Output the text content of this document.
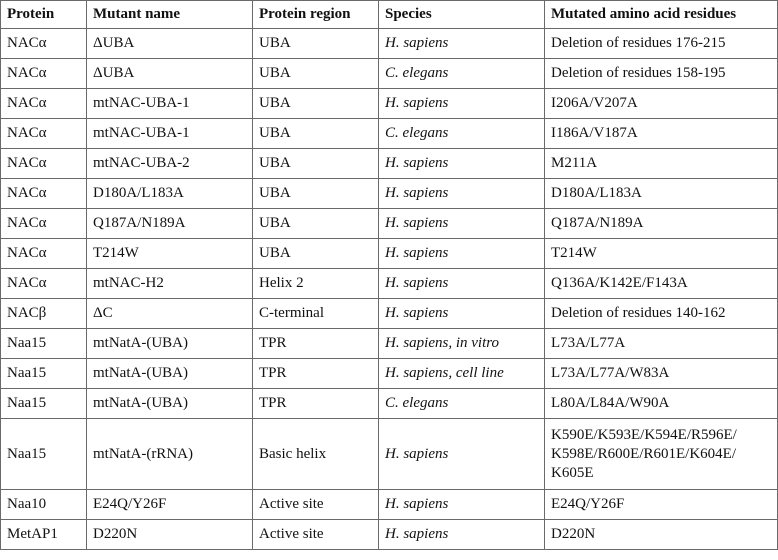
Protein	Mutant name	Protein region	Species	Mutated amino acid residues
NACα	ΔUBA	UBA	H. sapiens	Deletion of residues 176-215
NACα	ΔUBA	UBA	C. elegans	Deletion of residues 158-195
NACα	mtNAC-UBA-1	UBA	H. sapiens	I206A/V207A
NACα	mtNAC-UBA-1	UBA	C. elegans	I186A/V187A
NACα	mtNAC-UBA-2	UBA	H. sapiens	M211A
NACα	D180A/L183A	UBA	H. sapiens	D180A/L183A
NACα	Q187A/N189A	UBA	H. sapiens	Q187A/N189A
NACα	T214W	UBA	H. sapiens	T214W
NACα	mtNAC-H2	Helix 2	H. sapiens	Q136A/K142E/F143A
NACβ	ΔC	C-terminal	H. sapiens	Deletion of residues 140-162
Naa15	mtNatA-(UBA)	TPR	H. sapiens, in vitro	L73A/L77A
Naa15	mtNatA-(UBA)	TPR	H. sapiens, cell line	L73A/L77A/W83A
Naa15	mtNatA-(UBA)	TPR	C. elegans	L80A/L84A/W90A
Naa15	mtNatA-(rRNA)	Basic helix	H. sapiens	K590E/K593E/K594E/R596E/
K598E/R600E/R601E/K604E/
K605E
Naa10	E24Q/Y26F	Active site	H. sapiens	E24Q/Y26F
MetAP1	D220N	Active site	H. sapiens	D220N
